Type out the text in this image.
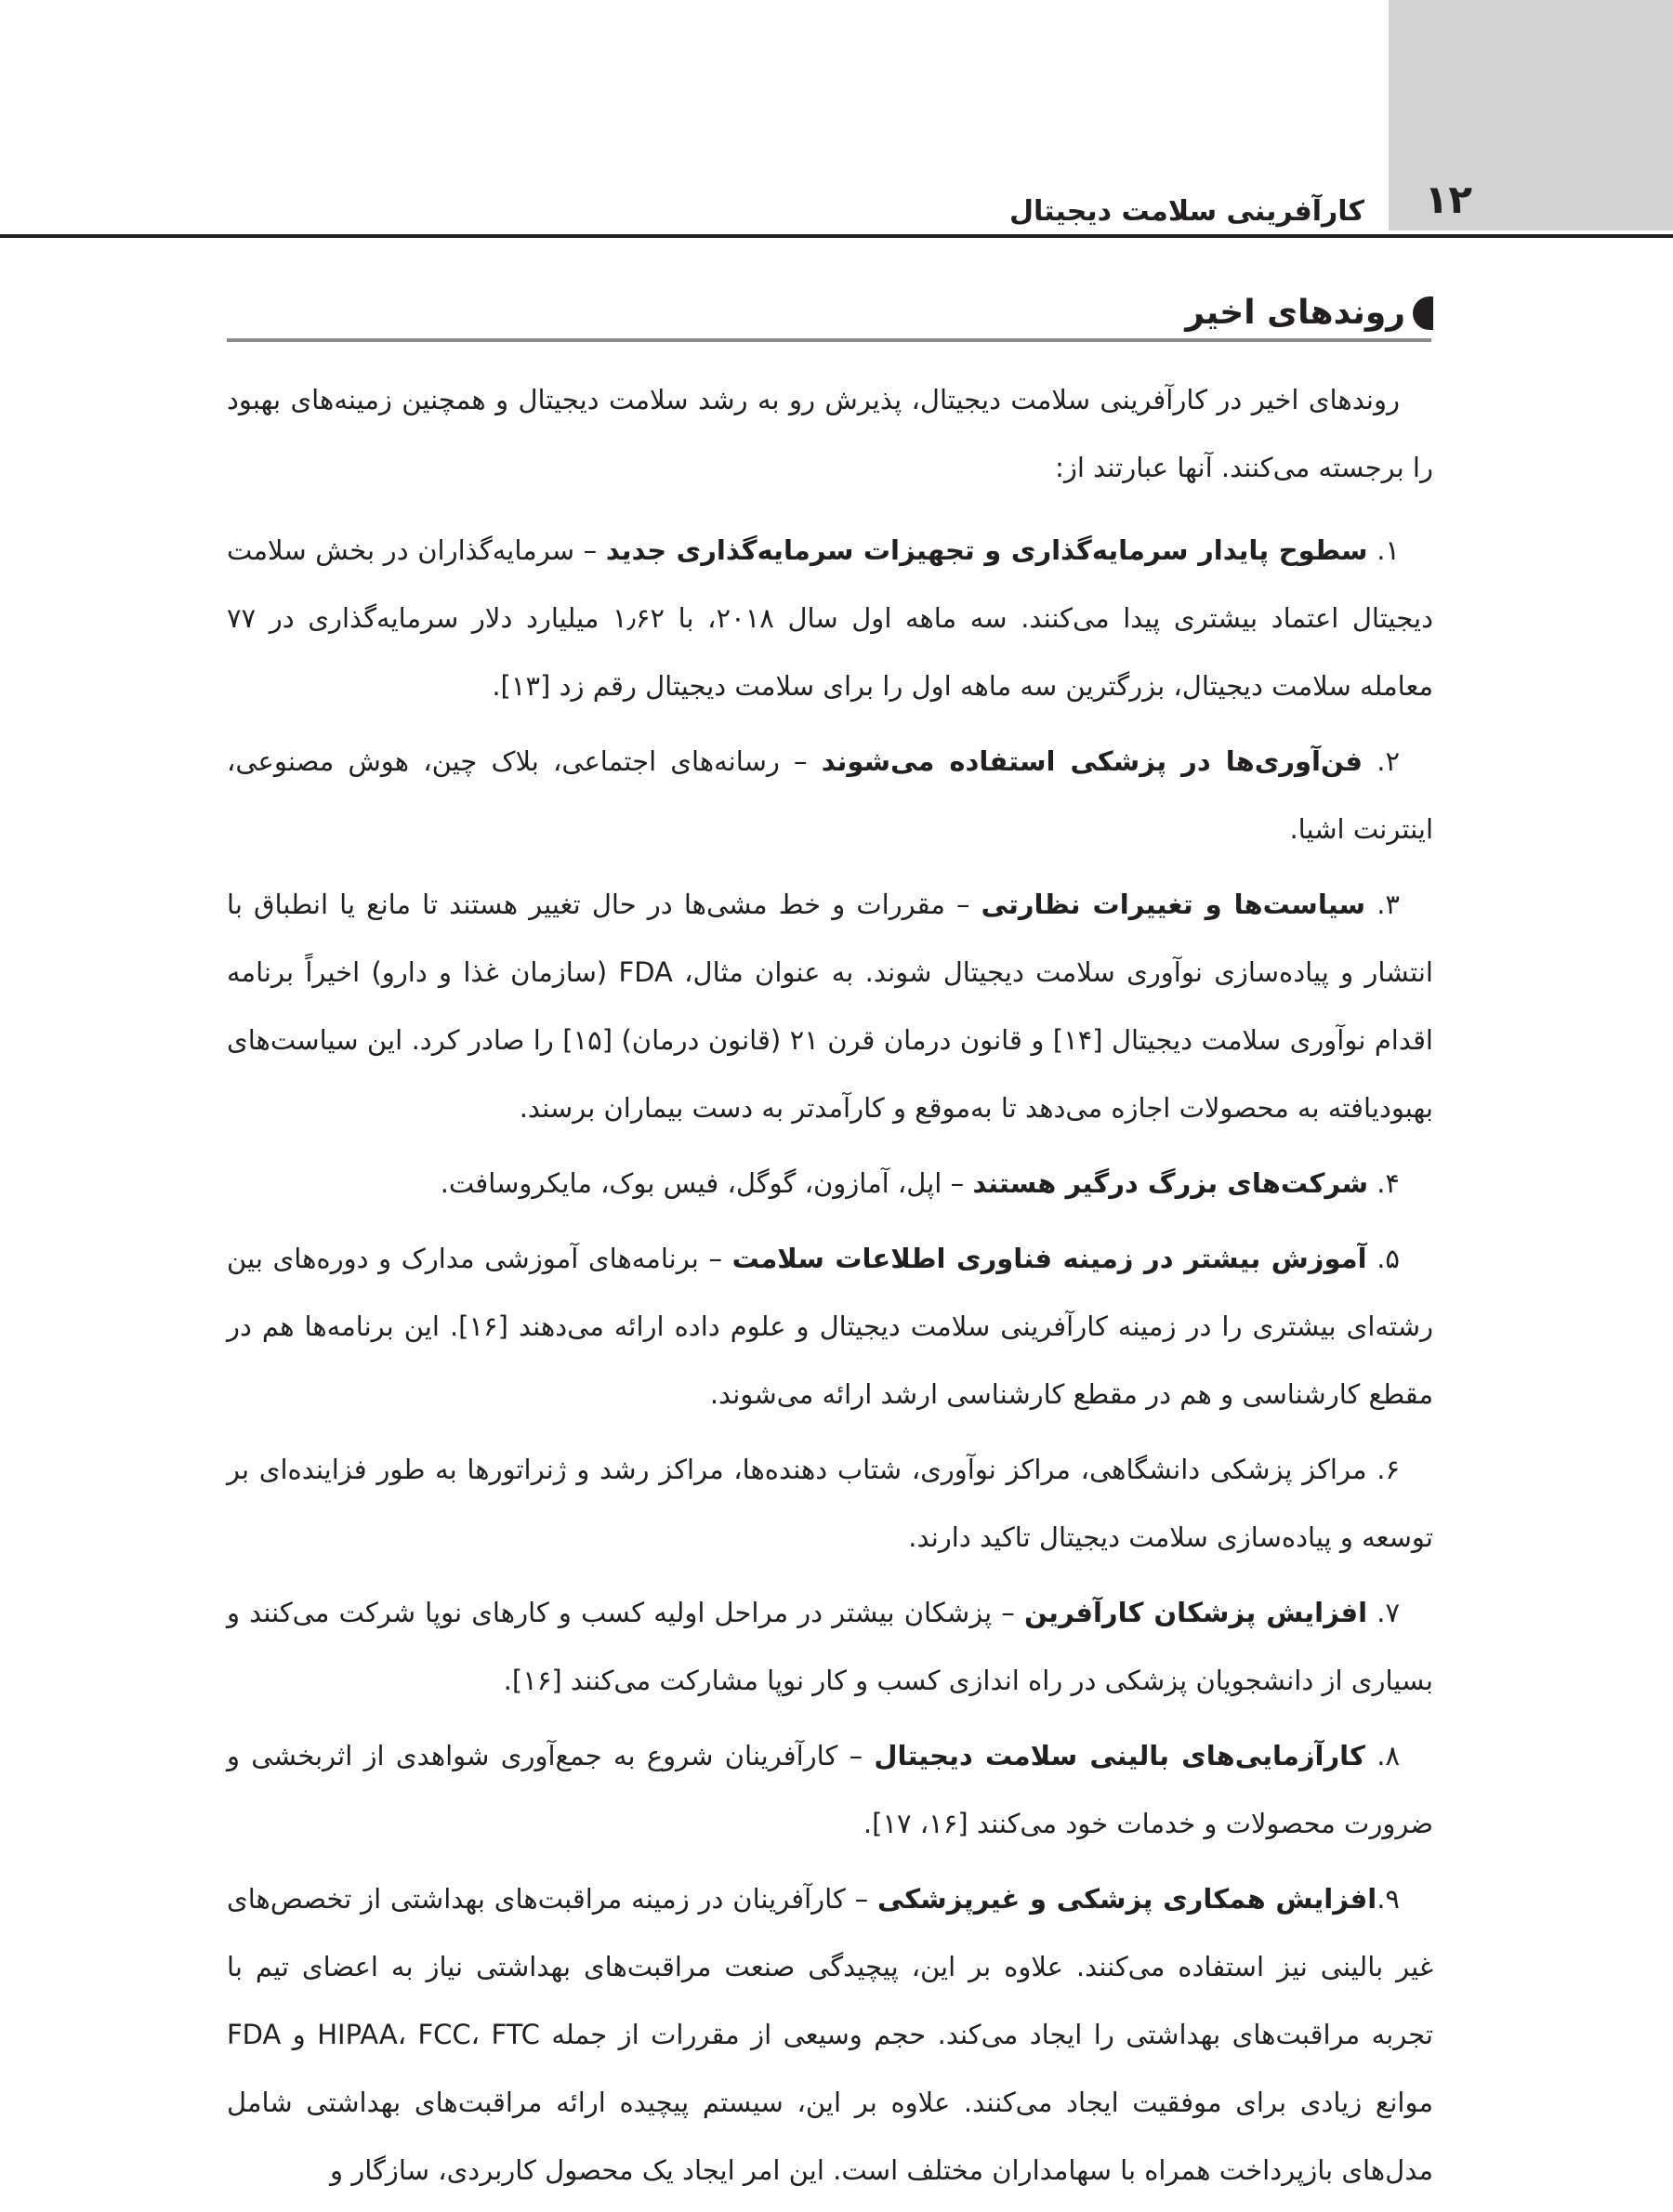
۱۲
کارآفرینی سلامت دیجیتال
روندهای اخیر

روندهای اخیر در کارآفرینی سلامت دیجیتال، پذیرش رو به رشد سلامت دیجیتال و همچنین زمینه‌های بهبود را برجسته می‌کنند. آنها عبارتند از:

۱. سطوح پایدار سرمایه‌گذاری و تجهیزات سرمایه‌گذاری جدید – سرمایه‌گذاران در بخش سلامت دیجیتال اعتماد بیشتری پیدا می‌کنند. سه ماهه اول سال ۲۰۱۸، با ۱٫۶۲ میلیارد دلار سرمایه‌گذاری در ۷۷ معامله سلامت دیجیتال، بزرگترین سه ماهه اول را برای سلامت دیجیتال رقم زد [۱۳].

۲. فن‌آوری‌ها در پزشکی استفاده می‌شوند – رسانه‌های اجتماعی، بلاک چین، هوش مصنوعی، اینترنت اشیا.

۳. سیاست‌ها و تغییرات نظارتی – مقررات و خط مشی‌ها در حال تغییر هستند تا مانع یا انطباق با انتشار و پیاده‌سازی نوآوری سلامت دیجیتال شوند. به عنوان مثال، FDA (سازمان غذا و دارو) اخیراً برنامه اقدام نوآوری سلامت دیجیتال [۱۴] و قانون درمان قرن ۲۱ (قانون درمان) [۱۵] را صادر کرد. این سیاست‌های بهبودیافته به محصولات اجازه می‌دهد تا به‌موقع و کارآمدتر به دست بیماران برسند.

۴. شرکت‌های بزرگ درگیر هستند – اپل، آمازون، گوگل، فیس بوک، مایکروسافت.

۵. آموزش بیشتر در زمینه فناوری اطلاعات سلامت – برنامه‌های آموزشی مدارک و دوره‌های بین رشته‌ای بیشتری را در زمینه کارآفرینی سلامت دیجیتال و علوم داده ارائه می‌دهند [۱۶]. این برنامه‌ها هم در مقطع کارشناسی و هم در مقطع کارشناسی ارشد ارائه می‌شوند.

۶. مراکز پزشکی دانشگاهی، مراکز نوآوری، شتاب دهنده‌ها، مراکز رشد و ژنراتورها به طور فزاینده‌ای بر توسعه و پیاده‌سازی سلامت دیجیتال تاکید دارند.

۷. افزایش پزشکان کارآفرین – پزشکان بیشتر در مراحل اولیه کسب و کارهای نوپا شرکت می‌کنند و بسیاری از دانشجویان پزشکی در راه اندازی کسب و کار نوپا مشارکت می‌کنند [۱۶].

۸. کارآزمایی‌های بالینی سلامت دیجیتال – کارآفرینان شروع به جمع‌آوری شواهدی از اثربخشی و ضرورت محصولات و خدمات خود می‌کنند [۱۶، ۱۷].

۹.افزایش همکاری پزشکی و غیرپزشکی – کارآفرینان در زمینه مراقبت‌های بهداشتی از تخصص‌های غیر بالینی نیز استفاده می‌کنند. علاوه بر این، پیچیدگی صنعت مراقبت‌های بهداشتی نیاز به اعضای تیم با تجربه مراقبت‌های بهداشتی را ایجاد می‌کند. حجم وسیعی از مقررات از جمله HIPAA، FCC، FTC و FDA موانع زیادی برای موفقیت ایجاد می‌کنند. علاوه بر این، سیستم پیچیده ارائه مراقبت‌های بهداشتی شامل مدل‌های بازپرداخت همراه با سهامداران مختلف است. این امر ایجاد یک محصول کاربردی، سازگار و
